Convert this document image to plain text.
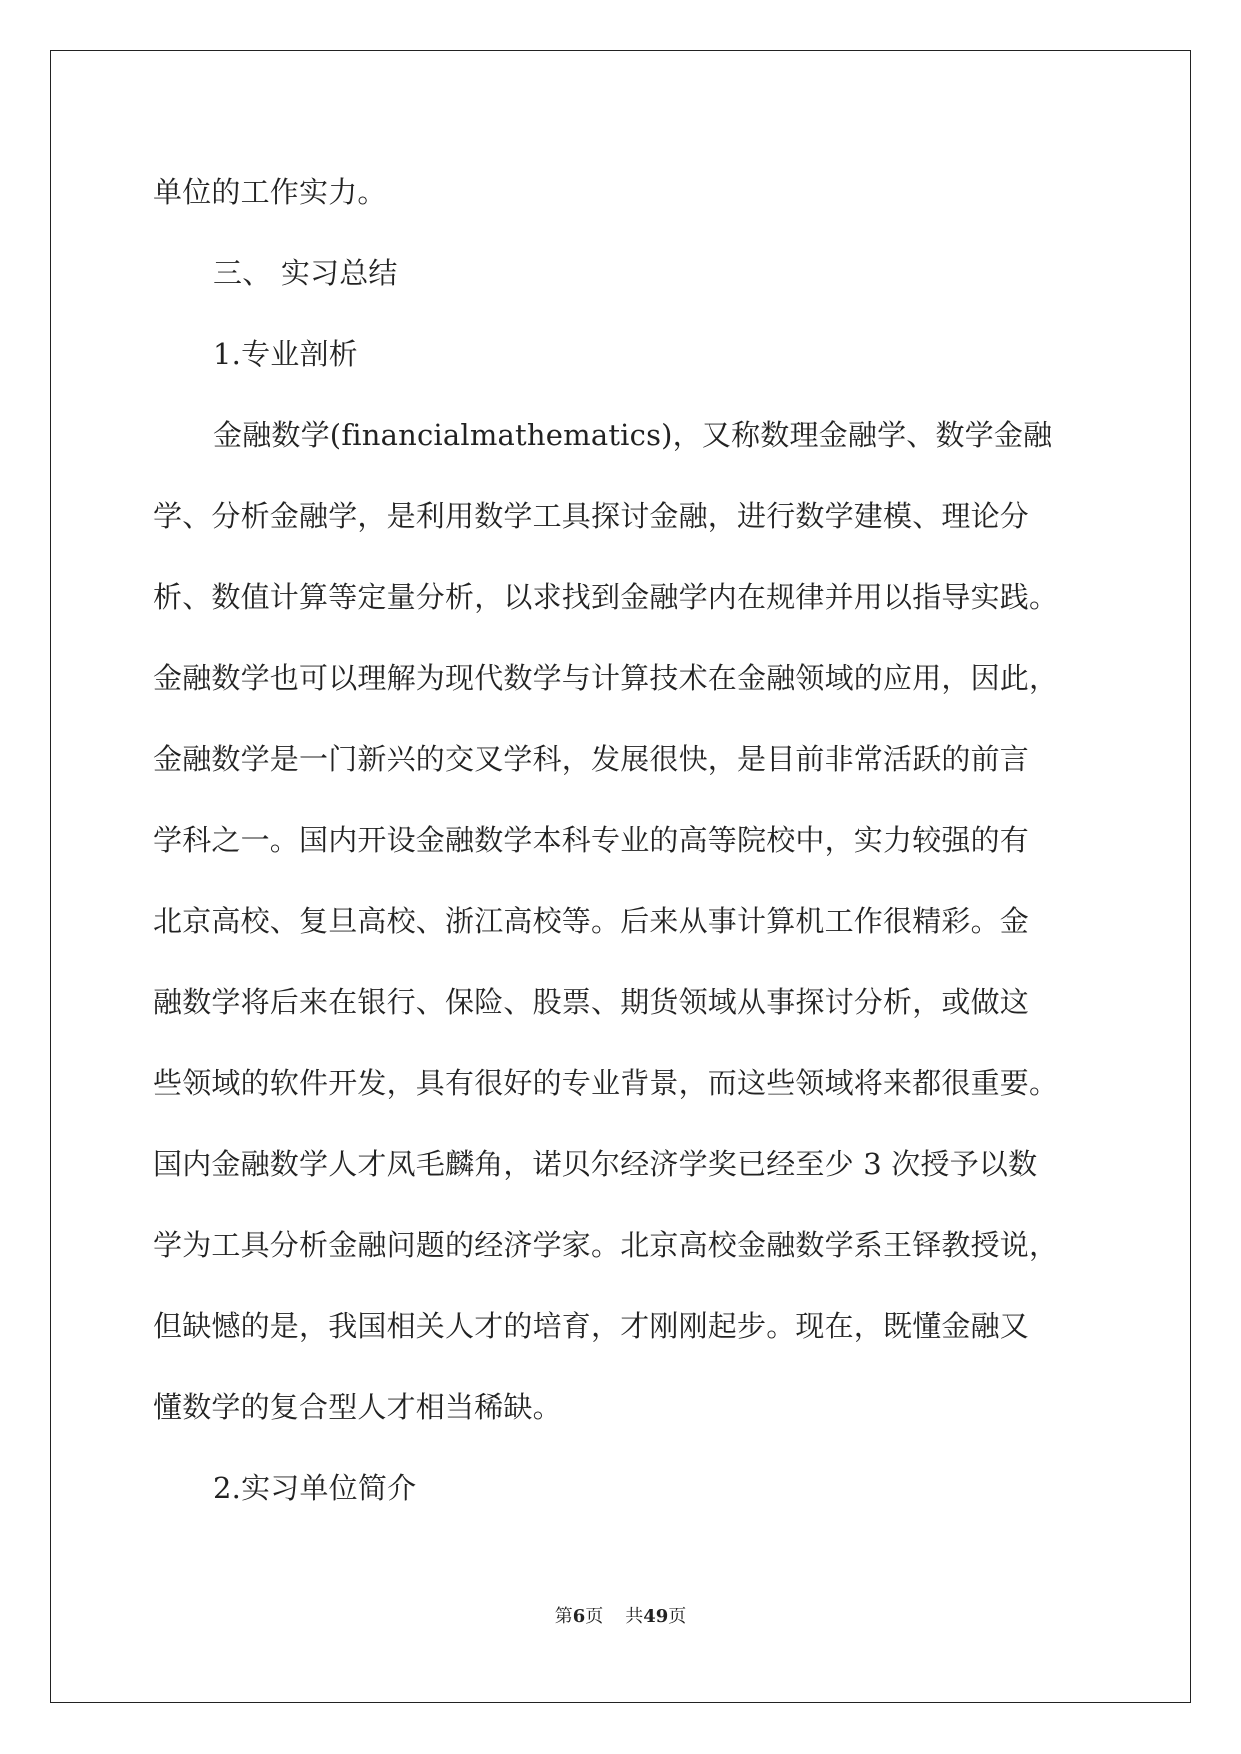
单位的工作实力。
三、 实习总结
1.专业剖析
金融数学(financialmathematics)，又称数理金融学、数学金融
学、分析金融学，是利用数学工具探讨金融，进行数学建模、理论分
析、数值计算等定量分析，以求找到金融学内在规律并用以指导实践。
金融数学也可以理解为现代数学与计算技术在金融领域的应用，因此，
金融数学是一门新兴的交叉学科，发展很快，是目前非常活跃的前言
学科之一。国内开设金融数学本科专业的高等院校中，实力较强的有
北京高校、复旦高校、浙江高校等。后来从事计算机工作很精彩。金
融数学将后来在银行、保险、股票、期货领域从事探讨分析，或做这
些领域的软件开发，具有很好的专业背景，而这些领域将来都很重要。
国内金融数学人才凤毛麟角，诺贝尔经济学奖已经至少 3 次授予以数
学为工具分析金融问题的经济学家。北京高校金融数学系王铎教授说，
但缺憾的是，我国相关人才的培育，才刚刚起步。现在，既懂金融又
懂数学的复合型人才相当稀缺。
2.实习单位简介
第6页 共49页
